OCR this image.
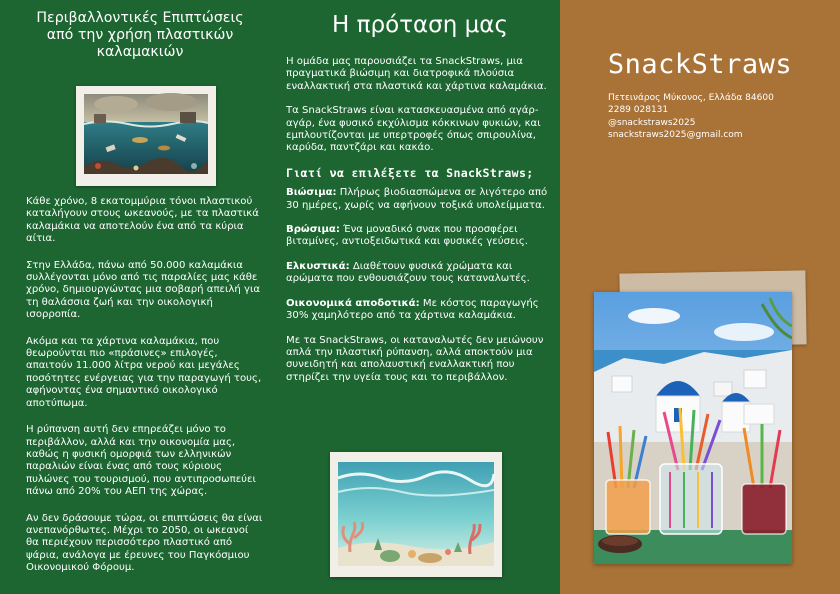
Περιβαλλοντικές Επιπτώσεις
από την χρήση πλαστικών
καλαμακιών

Κάθε χρόνο, 8 εκατομμύρια τόνοι πλαστικού καταλήγουν στους ωκεανούς, με τα πλαστικά καλαμάκια να αποτελούν ένα από τα κύρια αίτια.

Στην Ελλάδα, πάνω από 50.000 καλαμάκια συλλέγονται μόνο από τις παραλίες μας κάθε χρόνο, δημιουργώντας μια σοβαρή απειλή για τη θαλάσσια ζωή και την οικολογική ισορροπία.

Ακόμα και τα χάρτινα καλαμάκια, που θεωρούνται πιο «πράσινες» επιλογές, απαιτούν 11.000 λίτρα νερού και μεγάλες ποσότητες ενέργειας για την παραγωγή τους, αφήνοντας ένα σημαντικό οικολογικό αποτύπωμα.

Η ρύπανση αυτή δεν επηρεάζει μόνο το περιβάλλον, αλλά και την οικονομία μας, καθώς η φυσική ομορφιά των ελληνικών παραλιών είναι ένας από τους κύριους πυλώνες του τουρισμού, που αντιπροσωπεύει πάνω από 20% του ΑΕΠ της χώρας.

Αν δεν δράσουμε τώρα, οι επιπτώσεις θα είναι ανεπανόρθωτες. Μέχρι το 2050, οι ωκεανοί θα περιέχουν περισσότερο πλαστικό από ψάρια, ανάλογα με έρευνες του Παγκόσμιου Οικονομικού Φόρουμ.

Η πρόταση μας

Η ομάδα μας παρουσιάζει τα SnackStraws, μια πραγματικά βιώσιμη και διατροφικά πλούσια εναλλακτική στα πλαστικά και χάρτινα καλαμάκια.

Τα SnackStraws είναι κατασκευασμένα από αγάρ-αγάρ, ένα φυσικό εκχύλισμα κόκκινων φυκιών, και εμπλουτίζονται με υπερτροφές όπως σπιρουλίνα, καρύδα, παντζάρι και κακάο.

Γιατί να επιλέξετε τα SnackStraws;

Βιώσιμα: Πλήρως βιοδιασπώμενα σε λιγότερο από 30 ημέρες, χωρίς να αφήνουν τοξικά υπολείμματα.

Βρώσιμα: Ένα μοναδικό σνακ που προσφέρει βιταμίνες, αντιοξειδωτικά και φυσικές γεύσεις.

Ελκυστικά: Διαθέτουν φυσικά χρώματα και αρώματα που ενθουσιάζουν τους καταναλωτές.

Οικονομικά αποδοτικά: Με κόστος παραγωγής 30% χαμηλότερο από τα χάρτινα καλαμάκια.

Με τα SnackStraws, οι καταναλωτές δεν μειώνουν απλά την πλαστική ρύπανση, αλλά αποκτούν μια συνειδητή και απολαυστική εναλλακτική που στηρίζει την υγεία τους και το περιβάλλον.

SnackStraws
Πετεινάρος Μύκονος, Ελλάδα 84600
2289 028131
@snackstraws2025
snackstraws2025@gmail.com
